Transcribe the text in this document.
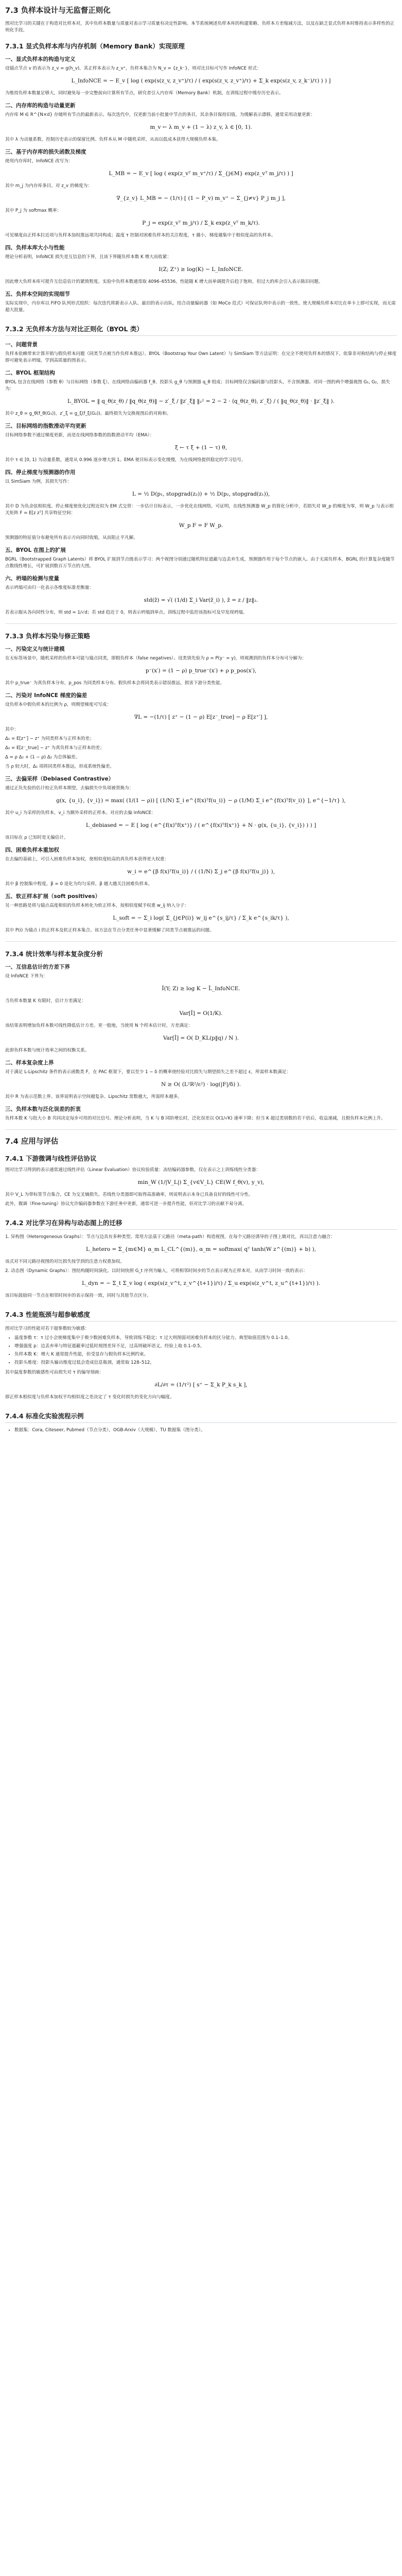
7.3 负样本设计与无监督正则化

图对比学习的关键在于构造对比样本对，其中负样本数量与质量对表示学习质量有决定性影响。本节系统阐述负样本库的构建策略、负样本方差缩减方法，以及在缺乏显式负样本时维持表示多样性的正则化手段。

7.3.1 显式负样本库与内存机制（Memory Bank）实现原理
一、显式负样本的构造与定义

设锚点节点 v 的表示为 z_v = g(h_v)，其正样本表示为 z_v⁺，负样本集合为 N_v = {z_k⁻}，则对比目标可写作 InfoNCE 形式：

L_InfoNCE = − E_v [ log ( exp(s(z_v, z_v⁺)/τ) / ( exp(s(z_v, z_v⁺)/τ) + Σ_k exp(s(z_v, z_k⁻)/τ) ) ) ]

为维持负样本数量足够大，同时避免每一步完整前向计算所有节点，研究者引入内存库（Memory Bank）机制，在训练过程中缓存历史表示。

二、内存库的构造与动量更新

内存库 M ∈ R^{N×d} 存储所有节点的最新表示。每次迭代中，仅更新当前小批量中节点的条目，其余条目保持旧值。为缓解表示漂移，通常采用动量更新：

m_v ← λ m_v + (1 − λ) z_v, λ ∈ [0, 1).

其中 λ 为动量系数，控制历史表示的保留比例。负样本从 M 中随机采样，从而以低成本获得大规模负样本集。

三、基于内存库的损失函数及梯度

使用内存库时，InfoNCE 改写为：

L_MB = − E_v [ log ( exp(z_vᵀ m_v⁺/τ) / Σ_{j∈M} exp(z_vᵀ m_j/τ) ) ]

其中 m_j 为内存库条目。对 z_v 的梯度为：

∇_{z_v} L_MB = − (1/τ) [ (1 − P_v) m_v⁺ − Σ_{j≠v} P_j m_j ],

其中 P_j 为 softmax 概率：

P_j = exp(z_vᵀ m_j/τ) / Σ_k exp(z_vᵀ m_k/τ).

可见梯度由正样本拉近项与负样本加权推远项共同构成；温度 τ 控制对困难负样本的关注程度，τ 越小，梯度越集中于相似度高的负样本。

四、负样本库大小与性能

理论分析表明，InfoNCE 损失是互信息的下界，且该下界随负样本数 K 增大而收紧：

I(Z; Z⁺) ≥ log(K) − L_InfoNCE.

因此增大负样本库可提升互信息估计的紧致程度。实验中负样本数通常取 4096–65536，性能随 K 增大而单调提升后趋于饱和，但过大的库会引入表示陈旧问题。

五、负样本空间的实现细节

实际实现中，内存库以 FIFO 队列形式组织：每次迭代将新表示入队、最旧的表示出队。结合动量编码器（如 MoCo 范式）可保证队列中表示的一致性，使大规模负样本对比在单卡上即可实现，而无需超大批量。

7.3.2 无负样本方法与对比正则化（BYOL 类）
一、问题背景

负样本依赖带来计算开销与假负样本问题（同类节点被当作负样本推远）。BYOL（Bootstrap Your Own Latent）与 SimSiam 等方法证明：在完全不使用负样本的情况下，依靠非对称结构与停止梯度即可避免表示坍塌，学到高质量的图表示。

二、BYOL 框架结构

BYOL 包含在线网络（参数 θ）与目标网络（参数 ξ）。在线网络由编码器 f_θ、投影头 g_θ 与预测器 q_θ 组成；目标网络仅含编码器与投影头，不含预测器。对同一图的两个增强视图 G₁, G₂，损失为：

L_BYOL = ‖ q_θ(z_θ) / ‖q_θ(z_θ)‖ − z′_ξ / ‖z′_ξ‖ ‖₂² = 2 − 2 · ⟨q_θ(z_θ), z′_ξ⟩ / ( ‖q_θ(z_θ)‖ · ‖z′_ξ‖ ).

其中 z_θ = g_θ(f_θ(G₁))，z′_ξ = g_ξ(f_ξ(G₂))。最终损失为交换视图后的对称和。

三、目标网络的指数滑动平均更新

目标网络参数不通过梯度更新，而是在线网络参数的指数滑动平均（EMA）：

ξ ← τ ξ + (1 − τ) θ,

其中 τ ∈ [0, 1) 为动量系数，通常从 0.996 逐步增大到 1。EMA 使目标表示变化缓慢，为在线网络提供稳定的学习信号。

四、停止梯度与预测器的作用

以 SimSiam 为例，其损失写作：

L = ½ D(p₁, stopgrad(z₂)) + ½ D(p₂, stopgrad(z₁)),

其中 D 为负余弦相似度。停止梯度使优化过程近似为 EM 式交替：一步估计目标表示，一步优化在线网络。可证明，在线性预测器 W_p 的简化分析中，若损失对 W_p 的梯度为零，则 W_p 与表示相关矩阵 F = E[z zᵀ] 共享特征空间：

W_p F = F W_p.

预测器的特征值分布避免所有表示方向同时收缩，从而阻止平凡解。

五、BYOL 在图上的扩展

BGRL（Bootstrapped Graph Latents）将 BYOL 扩展到节点级表示学习：两个视图分别通过随机特征遮蔽与边丢弃生成，预测器作用于每个节点的嵌入。由于无需负样本，BGRL 的计算复杂度随节点数线性增长，可扩展到数百万节点的大图。

六、坍塌的检测与度量

表示坍塌可由归一化表示各维度标准差衡量：

std(z̄) = √( (1/d) Σ_i Var(z̄_i) ), z̄ = z / ‖z‖₂.

若表示服从各向同性分布，则 std ≈ 1/√d；若 std 趋近于 0，则表示坍塌到单点。训练过程中监控该指标可及早发现坍塌。

7.3.3 负样本污染与修正策略
一、污染定义与统计建模

在无标签场景中，随机采样的负样本可能与锚点同类，即假负样本（false negatives）。设类别先验为 ρ = P(y⁻ = y)，则观测到的负样本分布可分解为：

p⁻(x′) = (1 − ρ) p_true⁻(x′) + ρ p_pos(x′),

其中 p_true⁻ 为真负样本分布，p_pos 为同类样本分布。假负样本会将同类表示错误推远，损害下游分类性能。

二、污染对 InfoNCE 梯度的偏差

设负样本中假负样本的比例为 ρ，则期望梯度可写成：

∇L = −(1/τ) [ z⁺ − (1 − ρ) E[z⁻_true] − ρ E[z⁺′] ],

其中：

Δ₁ = E[z⁺′] − z⁺ 为同类样本与正样本的差；

Δ₂ = E[z⁻_true] − z⁺ 为真负样本与正样本的差；

Δ = ρ Δ₁ + (1 − ρ) Δ₂ 为总体偏差。

当 ρ 较大时，Δ₁ 项将同类样本推远，形成系统性偏差。

三、去偏采样（Debiased Contrastive）

通过正负先验的估计校正负样本期望，去偏损失中负项被替换为：

g(x, {u_i}, {v_i}) = max( (1/(1 − ρ)) [ (1/N) Σ_i e^{f(x)ᵀf(u_i)} − ρ (1/M) Σ_i e^{f(x)ᵀf(v_i)} ], e^{−1/τ} ),

其中 u_i 为采样的负样本，v_i 为额外采样的正样本。对应的去偏 InfoNCE：

L_debiased = − E [ log ( e^{f(x)ᵀf(x⁺)} / ( e^{f(x)ᵀf(x⁺)} + N · g(x, {u_i}, {v_i}) ) ) ]

该目标在 ρ 已知时是无偏估计。

四、困难负样本重加权

在去偏的基础上，可引入困难负样本加权，使相似度较高的真负样本获得更大权重：

w_i = e^{β f(x)ᵀf(u_i)} / ( (1/N) Σ_j e^{β f(x)ᵀf(u_j)} ),

其中 β 控制集中程度。β = 0 退化为均匀采样，β 越大越关注困难负样本。

五、软正样本扩展（soft positives）

另一种思路是将与锚点高度相似的负样本转化为软正样本，按相似度赋予权重 w_ij 纳入分子：

L_soft = − Σ_i log( Σ_{j∈P(i)} w_ij e^{s_ij/τ} / Σ_k e^{s_ik/τ} ),

其中 P(i) 为锚点 i 的正样本及软正样本集合。该方法在节点分类任务中显著缓解了同类节点被推远的问题。

7.3.4 统计效率与样本复杂度分析
一、互信息估计的方差下界

设 InfoNCE 下界为：

Î(Y; Z) ≥ log K − L̂_InfoNCE.

当负样本数量 K 有限时，估计方差满足：

Var[Î] = O(1/K).

该结果表明增加负样本数可线性降低估计方差。更一般地，当使用 N 个样本估计时，方差满足：

Var[Î] = O( D_KL(p‖q) / N ).

此即负样本数与统计效率之间的权衡关系。

二、样本复杂度上界

对于满足 L-Lipschitz 条件的表示函数类 F，在 PAC 框架下，要以至少 1 − δ 的概率使经验对比损失与期望损失之差不超过 ε，所需样本数满足：

N ≥ O( (L²R²/ε²) · log(|F|/δ) ).

其中 R 为表示范数上界。该界说明表示空间越复杂、Lipschitz 常数越大，所需样本越多。

三、负样本数与泛化误差的折衷

负样本数 K 与批大小 B 共同决定每步可用的对比信号。理论分析表明，当 K 与 B 同阶增长时，泛化误差以 O(1/√K) 速率下降；但当 K 超过类别数的若干倍后，收益递减，且假负样本比例上升。

7.4 应用与评估
7.4.1 下游微调与线性评估协议

图对比学习得到的表示通常通过线性评估（Linear Evaluation）协议检验质量：冻结编码器参数，仅在表示之上训练线性分类器：

min_W (1/|V_L|) Σ_{v∈V_L} CE(W f_θ(v), y_v),

其中 V_L 为带标签节点集合，CE 为交叉熵损失。若线性分类器即可取得高准确率，则说明表示本身已具备良好的线性可分性。

此外，微调（Fine-tuning）协议允许编码器参数在下游任务中更新，通常可进一步提升性能，但对比学习的贡献不易分离。

7.4.2 对比学习在异构与动态图上的迁移

1. 异构图（Heterogeneous Graphs）：节点与边具有多种类型。常用方法基于元路径（meta-path）构造视图，在每个元路径诱导的子图上做对比，再以注意力融合：

L_hetero = Σ_{m∈M} α_m L_CL^{(m)}, α_m = softmax( qᵀ tanh(W z^{(m)} + b) ),

该式对不同元路径视图的对比损失按学到的注意力权重加权。

2. 动态图（Dynamic Graphs）：图结构随时间演化。以时间快照 G_t 序列为输入，可将相邻时间步的节点表示视为正样本对，从而学习时间一致的表示：

L_dyn = − Σ_t Σ_v log ( exp(s(z_v^t, z_v^{t+1})/τ) / Σ_u exp(s(z_v^t, z_u^{t+1})/τ) ).

该目标鼓励同一节点在相邻时间步的表示保持一致，同时与其他节点区分。

7.4.3 性能瓶颈与超参敏感度

图对比学习的性能对若干超参数较为敏感：

• 温度参数 τ：τ 过小会使梯度集中于极少数困难负样本，导致训练不稳定；τ 过大则削弱对困难负样本的区分能力。典型取值范围为 0.1–1.0。
• 增强强度 p：边丢弃率与特征遮蔽率过低时视图差异不足，过高则破坏语义。经验上取 0.1–0.5。
• 负样本数 K：增大 K 通常提升性能，但受显存与假负样本比例约束。
• 投影头维度：投影头输出维度过低会造成信息瓶颈，通常取 128–512。

其中温度参数的敏感性可由损失对 τ 的偏导刻画：

∂L/∂τ = (1/τ²) [ s⁺ − Σ_k P_k s_k ],

即正样本相似度与负样本加权平均相似度之差决定了 τ 变化时损失的变化方向与幅度。

7.4.4 标准化实验流程示例
• 数据集：Cora, Citeseer, Pubmed（节点分类），OGB-Arxiv（大规模），TU 数据集（图分类）。
